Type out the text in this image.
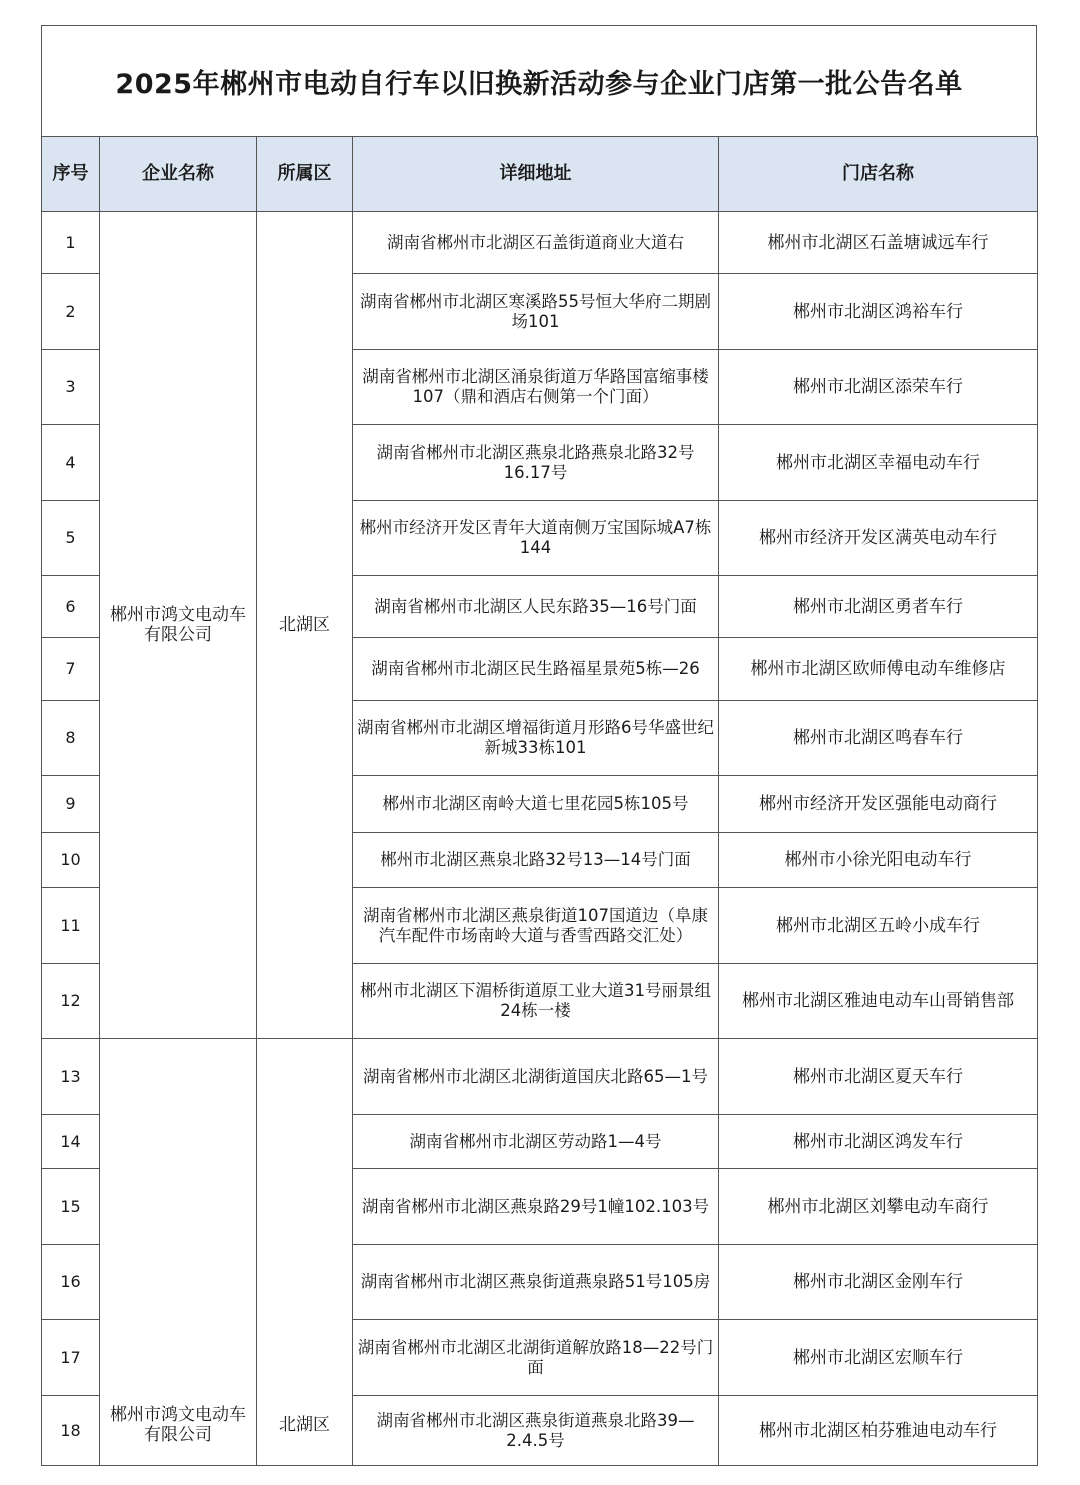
2025年郴州市电动自行车以旧换新活动参与企业门店第一批公告名单
序号	企业名称	所属区	详细地址	门店名称
1	郴州市鸿文电动车有限公司	北湖区	湖南省郴州市北湖区石盖街道商业大道右	郴州市北湖区石盖塘诚远车行
2			湖南省郴州市北湖区寒溪路55号恒大华府二期剧场101	郴州市北湖区鸿裕车行
3			湖南省郴州市北湖区涌泉街道万华路国富缩事楼107（鼎和酒店右侧第一个门面）	郴州市北湖区添荣车行
4			湖南省郴州市北湖区燕泉北路燕泉北路32号16.17号	郴州市北湖区幸福电动车行
5			郴州市经济开发区青年大道南侧万宝国际城A7栋144	郴州市经济开发区满英电动车行
6			湖南省郴州市北湖区人民东路35—16号门面	郴州市北湖区勇者车行
7			湖南省郴州市北湖区民生路福星景苑5栋—26	郴州市北湖区欧师傅电动车维修店
8			湖南省郴州市北湖区增福街道月形路6号华盛世纪新城33栋101	郴州市北湖区鸣春车行
9			郴州市北湖区南岭大道七里花园5栋105号	郴州市经济开发区强能电动商行
10			郴州市北湖区燕泉北路32号13—14号门面	郴州市小徐光阳电动车行
11			湖南省郴州市北湖区燕泉街道107国道边（阜康汽车配件市场南岭大道与香雪西路交汇处）	郴州市北湖区五岭小成车行
12			郴州市北湖区下湄桥街道原工业大道31号丽景组24栋一楼	郴州市北湖区雅迪电动车山哥销售部
13	郴州市鸿文电动车有限公司	北湖区	湖南省郴州市北湖区北湖街道国庆北路65—1号	郴州市北湖区夏天车行
14			湖南省郴州市北湖区劳动路1—4号	郴州市北湖区鸿发车行
15			湖南省郴州市北湖区燕泉路29号1幢102.103号	郴州市北湖区刘攀电动车商行
16			湖南省郴州市北湖区燕泉街道燕泉路51号105房	郴州市北湖区金刚车行
17			湖南省郴州市北湖区北湖街道解放路18—22号门面	郴州市北湖区宏顺车行
18			湖南省郴州市北湖区燕泉街道燕泉北路39—2.4.5号	郴州市北湖区柏芬雅迪电动车行
